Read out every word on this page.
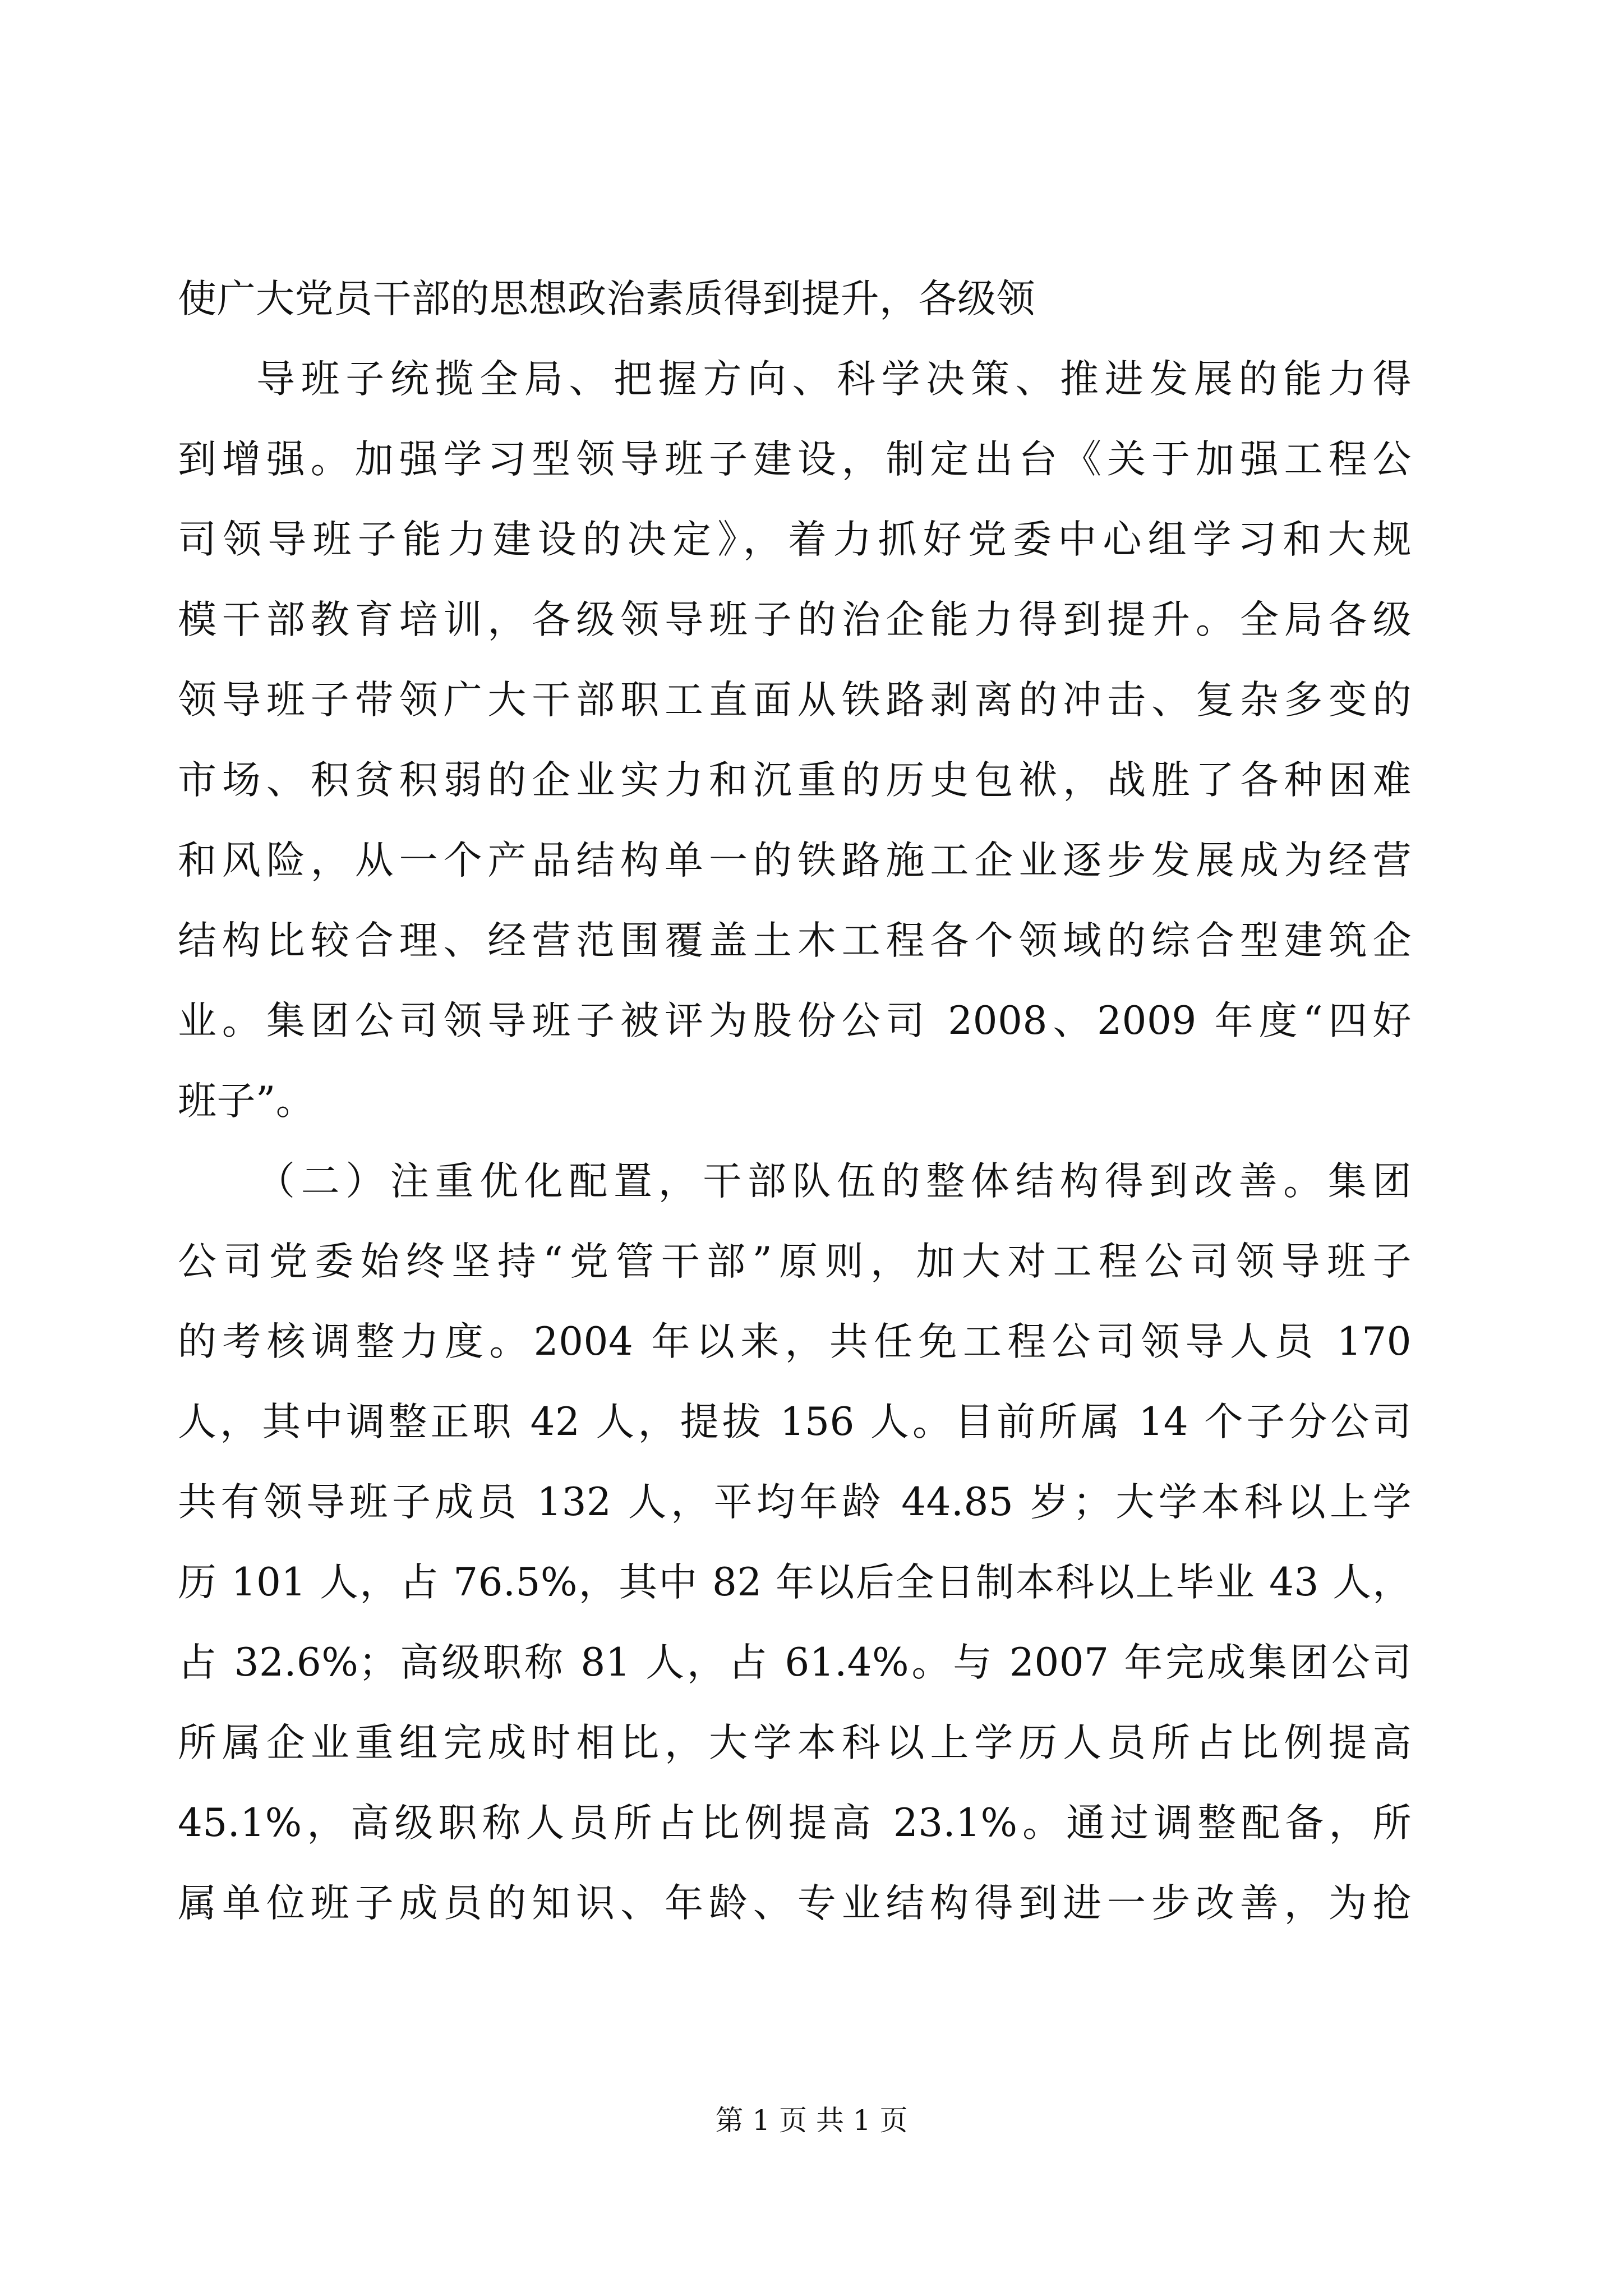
使广大党员干部的思想政治素质得到提升，各级领
导班子统揽全局、把握方向、科学决策、推进发展的能力得
到增强。加强学习型领导班子建设，制定出台《关于加强工程公
司领导班子能力建设的决定》，着力抓好党委中心组学习和大规
模干部教育培训，各级领导班子的治企能力得到提升。全局各级
领导班子带领广大干部职工直面从铁路剥离的冲击、复杂多变的
市场、积贫积弱的企业实力和沉重的历史包袱，战胜了各种困难
和风险，从一个产品结构单一的铁路施工企业逐步发展成为经营
结构比较合理、经营范围覆盖土木工程各个领域的综合型建筑企
业。集团公司领导班子被评为股份公司 2008、2009 年度“四好
班子”。
（二）注重优化配置，干部队伍的整体结构得到改善。集团
公司党委始终坚持“党管干部”原则，加大对工程公司领导班子
的考核调整力度。2004 年以来，共任免工程公司领导人员 170
人，其中调整正职 42 人，提拔 156 人。目前所属 14 个子分公司
共有领导班子成员 132 人，平均年龄 44.85 岁；大学本科以上学
历 101 人，占 76.5%，其中 82 年以后全日制本科以上毕业 43 人，
占 32.6%；高级职称 81 人，占 61.4%。与 2007 年完成集团公司
所属企业重组完成时相比，大学本科以上学历人员所占比例提高
45.1%，高级职称人员所占比例提高 23.1%。通过调整配备，所
属单位班子成员的知识、年龄、专业结构得到进一步改善，为抢
第 1 页 共 1 页
